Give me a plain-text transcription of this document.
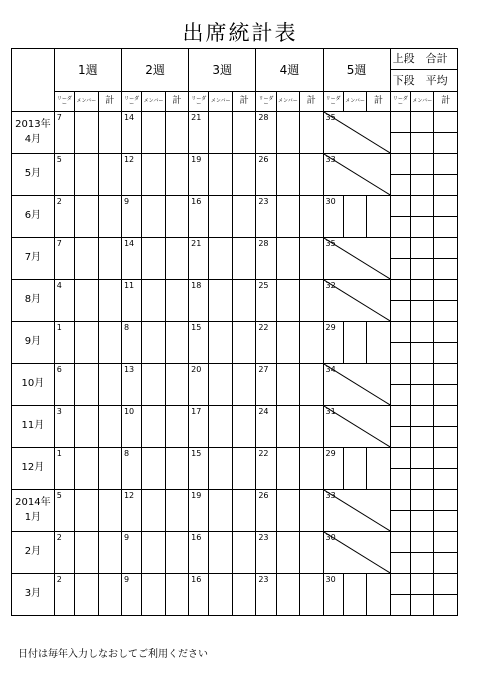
出席統計表
	1週			2週			3週			4週			5週			上段　合計
下段　平均		

	リーダー	メンバー	計	リーダー	メンバー	計	リーダー	メンバー	計	リーダー	メンバー	計	リーダー	メンバー	計	リーダー	メンバー	計

2013年
4月	7			14			21			28			35					

5月	5			12			19			26			33					

6月	2			9			16			23			30					

7月	7			14			21			28			35					

8月	4			11			18			25			32					

9月	1			8			15			22			29					

10月	6			13			20			27			34					

11月	3			10			17			24			31					

12月	1			8			15			22			29					

2014年
1月	5			12			19			26			33					

2月	2			9			16			23			30					

3月	2			9			16			23			30					

日付は毎年入力しなおしてご利用ください
